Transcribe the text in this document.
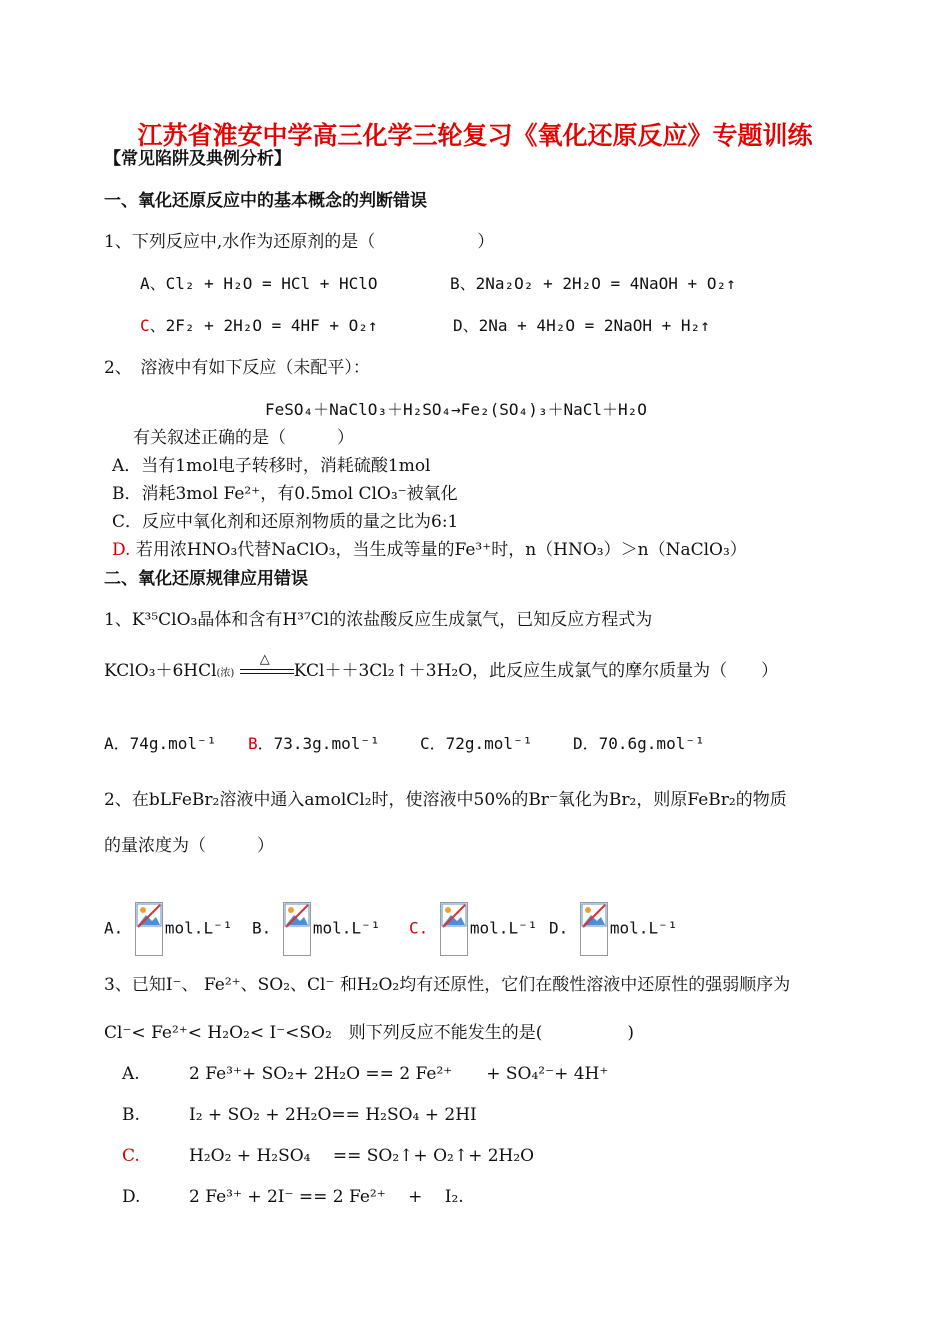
江苏省淮安中学高三化学三轮复习《氧化还原反应》专题训练
【常见陷阱及典例分析】
一、氧化还原反应中的基本概念的判断错误
1、下列反应中,水作为还原剂的是（　　　　　　）
A、Cl₂ + H₂O = HCl + HClO	B、2Na₂O₂ + 2H₂O = 4NaOH + O₂↑
C、2F₂ + 2H₂O = 4HF + O₂↑	D、2Na + 4H₂O = 2NaOH + H₂↑
2、　溶液中有如下反应（未配平）：
FeSO₄＋NaClO₃＋H₂SO₄→Fe₂(SO₄)₃＋NaCl＋H₂O
有关叙述正确的是（　　　）
A．当有1mol电子转移时，消耗硫酸1mol
B．消耗3mol Fe²⁺，有0.5mol ClO₃⁻被氧化
C．反应中氧化剂和还原剂物质的量之比为6:1
D. 若用浓HNO₃代替NaClO₃，当生成等量的Fe³⁺时，n（HNO₃）＞n（NaClO₃）
二、氧化还原规律应用错误
1、K³⁵ClO₃晶体和含有H³⁷Cl的浓盐酸反应生成氯气，已知反应方程式为
KClO₃＋6HCl(浓)
△
KCl＋＋3Cl₂↑＋3H₂O，此反应生成氯气的摩尔质量为（　　）
A．74g.mol⁻¹ B．73.3g.mol⁻¹	C．72g.mol⁻¹	D．70.6g.mol⁻¹
2、在bLFeBr₂溶液中通入amolCl₂时，使溶液中50%的Br⁻氧化为Br₂，则原FeBr₂的物质
的量浓度为（　　　）
A.	mol.L⁻¹ B.	mol.L⁻¹ C.	mol.L⁻¹ D.	mol.L⁻¹
3、已知I⁻、 Fe²⁺、SO₂、Cl⁻ 和H₂O₂均有还原性，它们在酸性溶液中还原性的强弱顺序为
Cl⁻< Fe²⁺< H₂O₂< I⁻<SO₂　则下列反应不能发生的是(　　　　　)
A.	2 Fe³⁺+ SO₂+ 2H₂O == 2 Fe²⁺　　+ SO₄²⁻+ 4H⁺
B.	I₂ + SO₂ + 2H₂O== H₂SO₄ + 2HI
C.	H₂O₂ + H₂SO₄　 == SO₂↑+ O₂↑+ 2H₂O
D.	2 Fe³⁺ + 2I⁻ == 2 Fe²⁺　 +　 I₂.
